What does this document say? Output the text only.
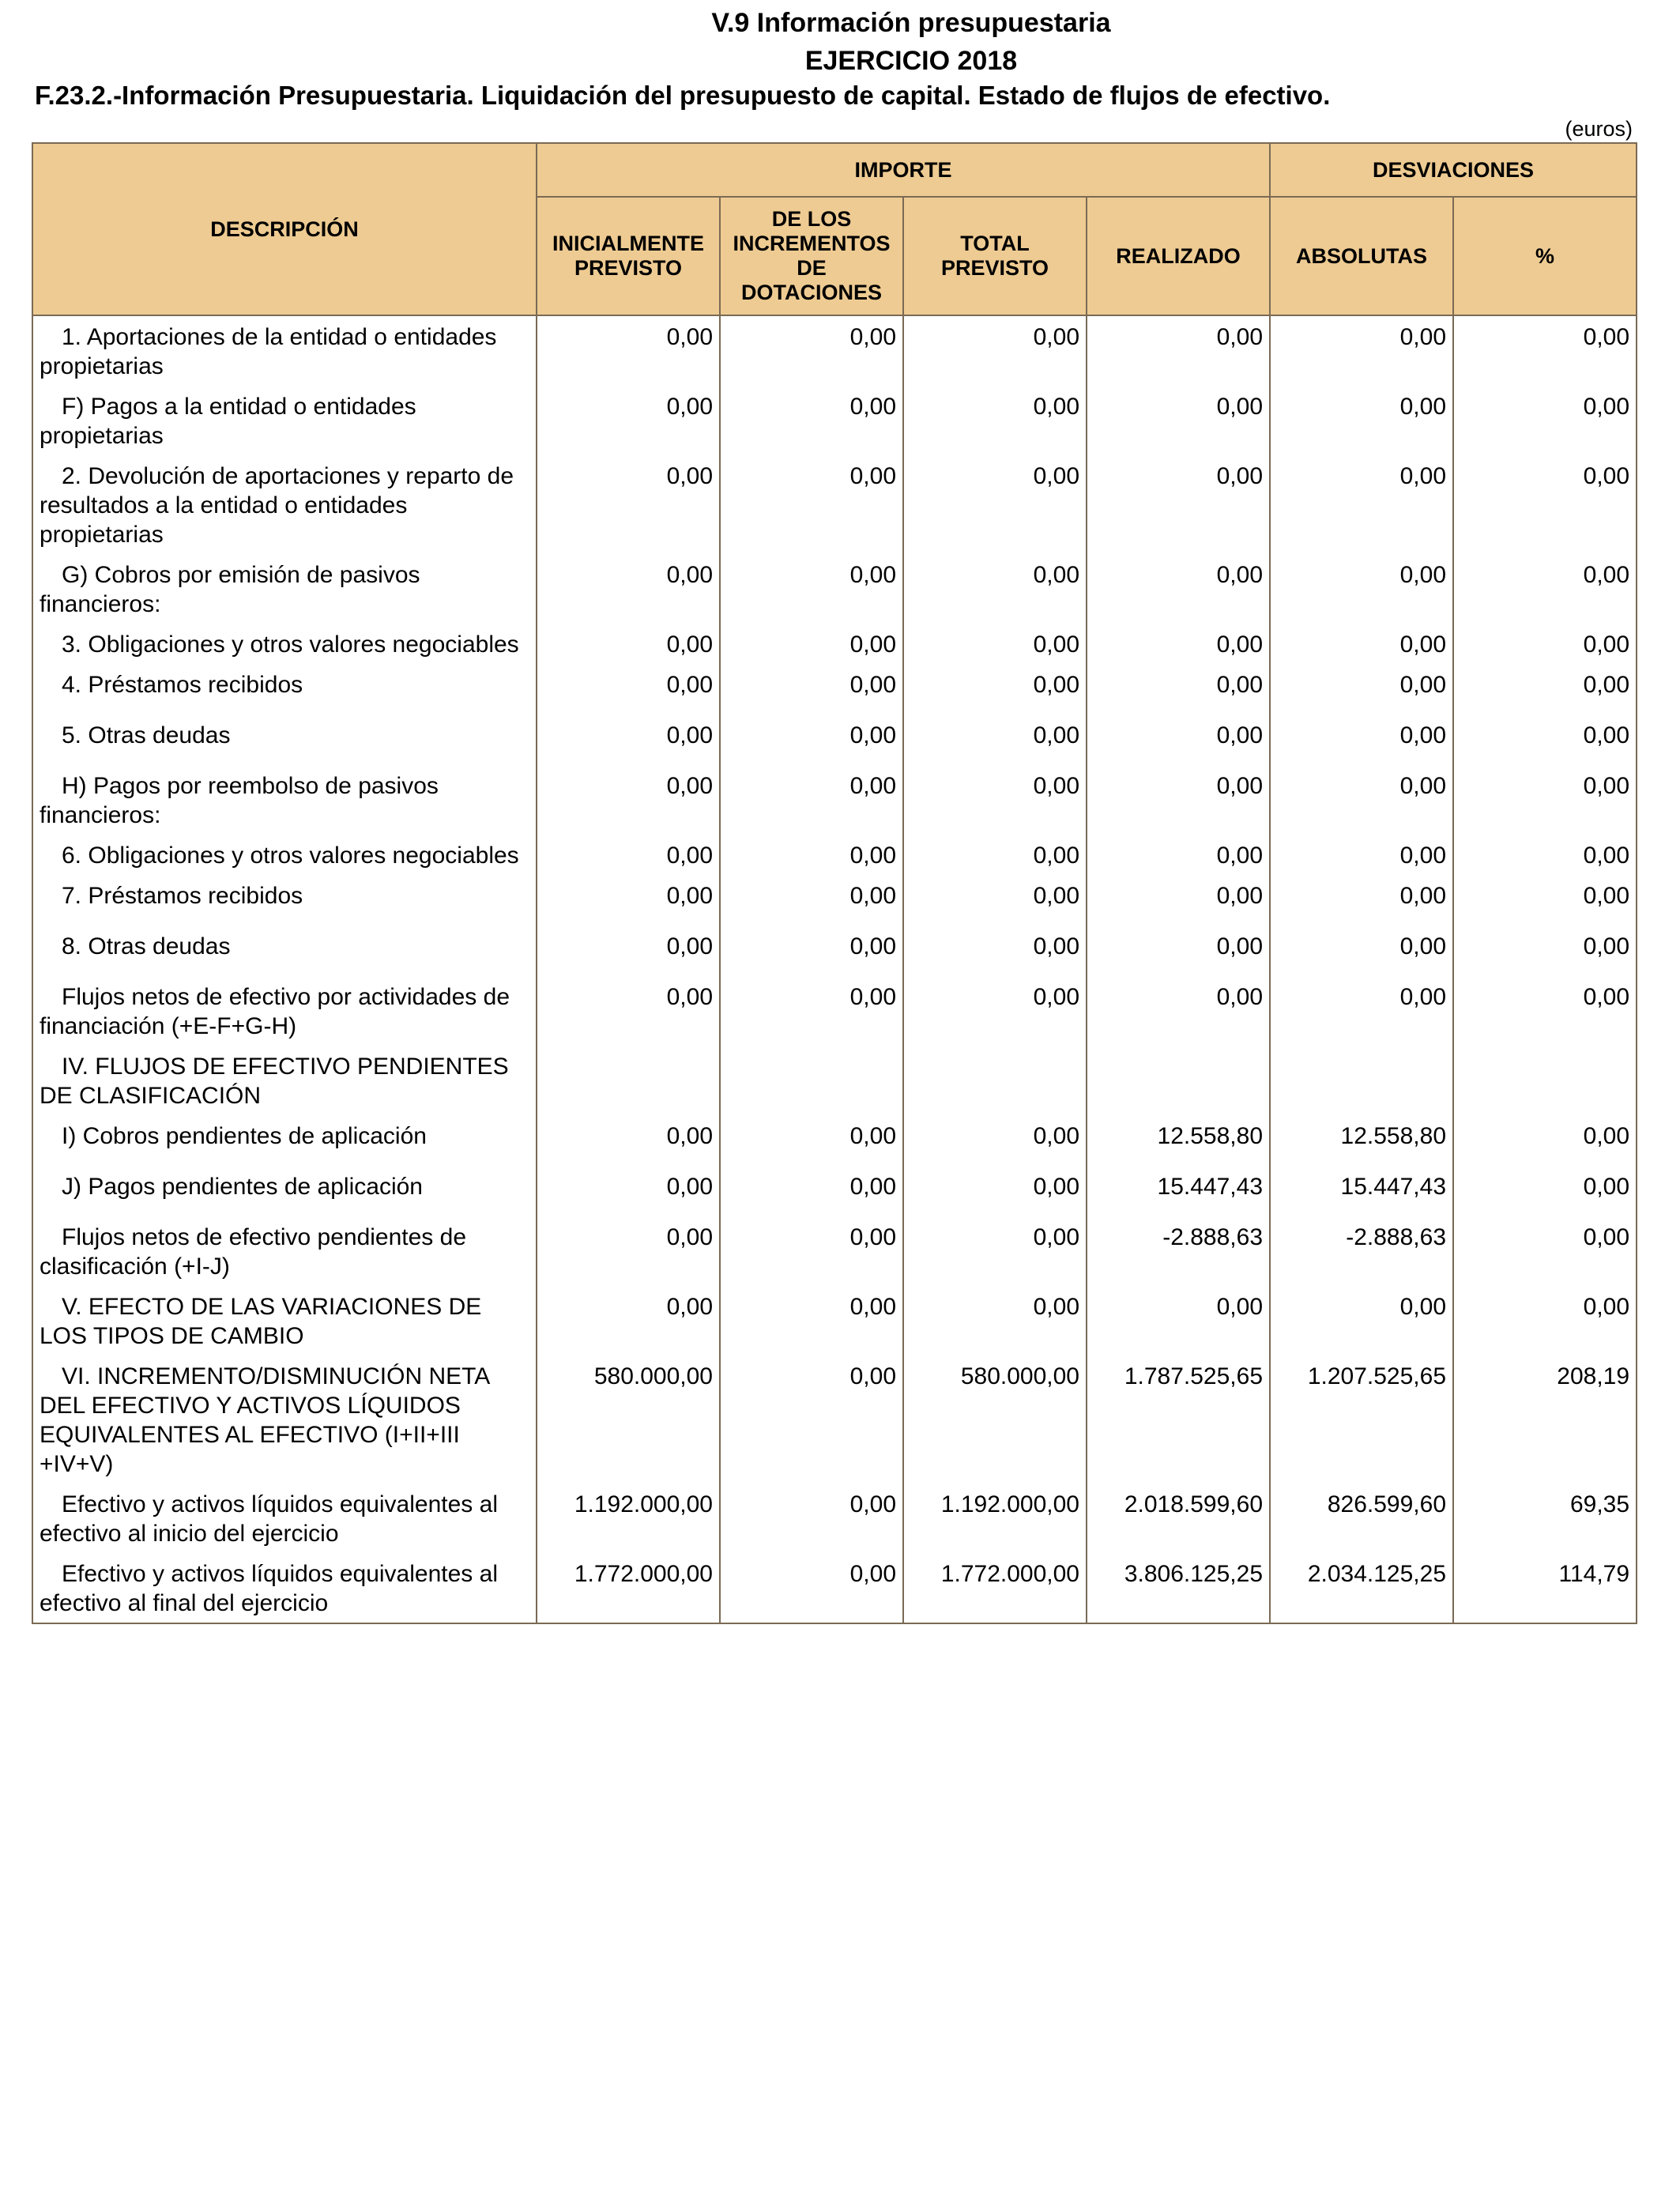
V.9 Información presupuestaria
EJERCICIO 2018
F.23.2.-Información Presupuestaria. Liquidación del presupuesto de capital. Estado de flujos de efectivo.
(euros)
DESCRIPCIÓN	IMPORTE				DESVIACIONES	
	INICIALMENTE PREVISTO	DE LOS INCREMENTOS DE DOTACIONES	TOTAL PREVISTO	REALIZADO	ABSOLUTAS	%
1. Aportaciones de la entidad o entidades propietarias	0,00	0,00	0,00	0,00	0,00	0,00
F) Pagos a la entidad o entidades propietarias	0,00	0,00	0,00	0,00	0,00	0,00
2. Devolución de aportaciones y reparto de resultados a la entidad o entidades propietarias	0,00	0,00	0,00	0,00	0,00	0,00
G) Cobros por emisión de pasivos financieros:	0,00	0,00	0,00	0,00	0,00	0,00
3. Obligaciones y otros valores negociables	0,00	0,00	0,00	0,00	0,00	0,00
4. Préstamos recibidos	0,00	0,00	0,00	0,00	0,00	0,00
5. Otras deudas	0,00	0,00	0,00	0,00	0,00	0,00
H) Pagos por reembolso de pasivos financieros:	0,00	0,00	0,00	0,00	0,00	0,00
6. Obligaciones y otros valores negociables	0,00	0,00	0,00	0,00	0,00	0,00
7. Préstamos recibidos	0,00	0,00	0,00	0,00	0,00	0,00
8. Otras deudas	0,00	0,00	0,00	0,00	0,00	0,00
Flujos netos de efectivo por actividades de financiación (+E-F+G-H)	0,00	0,00	0,00	0,00	0,00	0,00
IV. FLUJOS DE EFECTIVO PENDIENTES DE CLASIFICACIÓN						
I) Cobros pendientes de aplicación	0,00	0,00	0,00	12.558,80	12.558,80	0,00
J) Pagos pendientes de aplicación	0,00	0,00	0,00	15.447,43	15.447,43	0,00
Flujos netos de efectivo pendientes de clasificación (+I-J)	0,00	0,00	0,00	-2.888,63	-2.888,63	0,00
V. EFECTO DE LAS VARIACIONES DE LOS TIPOS DE CAMBIO	0,00	0,00	0,00	0,00	0,00	0,00
VI. INCREMENTO/DISMINUCIÓN NETA DEL EFECTIVO Y ACTIVOS LÍQUIDOS EQUIVALENTES AL EFECTIVO (I+II+III +IV+V)	580.000,00	0,00	580.000,00	1.787.525,65	1.207.525,65	208,19
Efectivo y activos líquidos equivalentes al efectivo al inicio del ejercicio	1.192.000,00	0,00	1.192.000,00	2.018.599,60	826.599,60	69,35
Efectivo y activos líquidos equivalentes al efectivo al final del ejercicio	1.772.000,00	0,00	1.772.000,00	3.806.125,25	2.034.125,25	114,79
